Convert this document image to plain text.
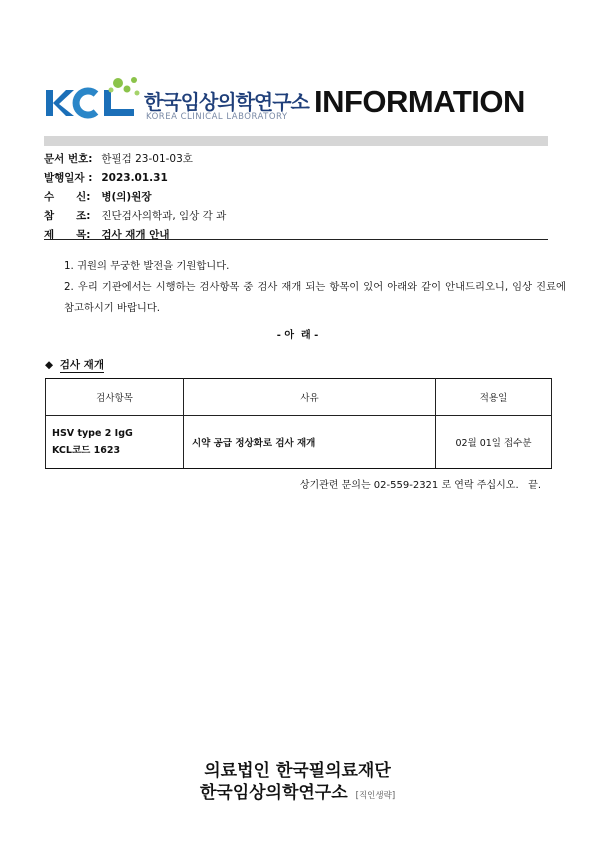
한국임상의학연구소
KOREA CLINICAL LABORATORY INFORMATION
문서 번호: 한필검 23-01-03호
발행일자 : 2023.01.31
수      신: 병(의)원장
참      조: 진단검사의학과, 임상 각 과
제      목: 검사 재개 안내

1. 귀원의 무궁한 발전을 기원합니다.

2. 우리 기관에서는 시행하는 검사항목 중 검사 재개 되는 항목이 있어 아래와 같이 안내드리오니, 임상 진료에 참고하시기 바랍니다.

- 아  래 -
◆ 검사 재개
검사항목	사유	적용일

HSV type 2 IgG
KCL코드 1623	시약 공급 정상화로 검사 재개	02월 01일 접수분
상기관련 문의는 02-559-2321 로 연락 주십시오.   끝.
의료법인 한국필의료재단
한국임상의학연구소 [직인생략]
